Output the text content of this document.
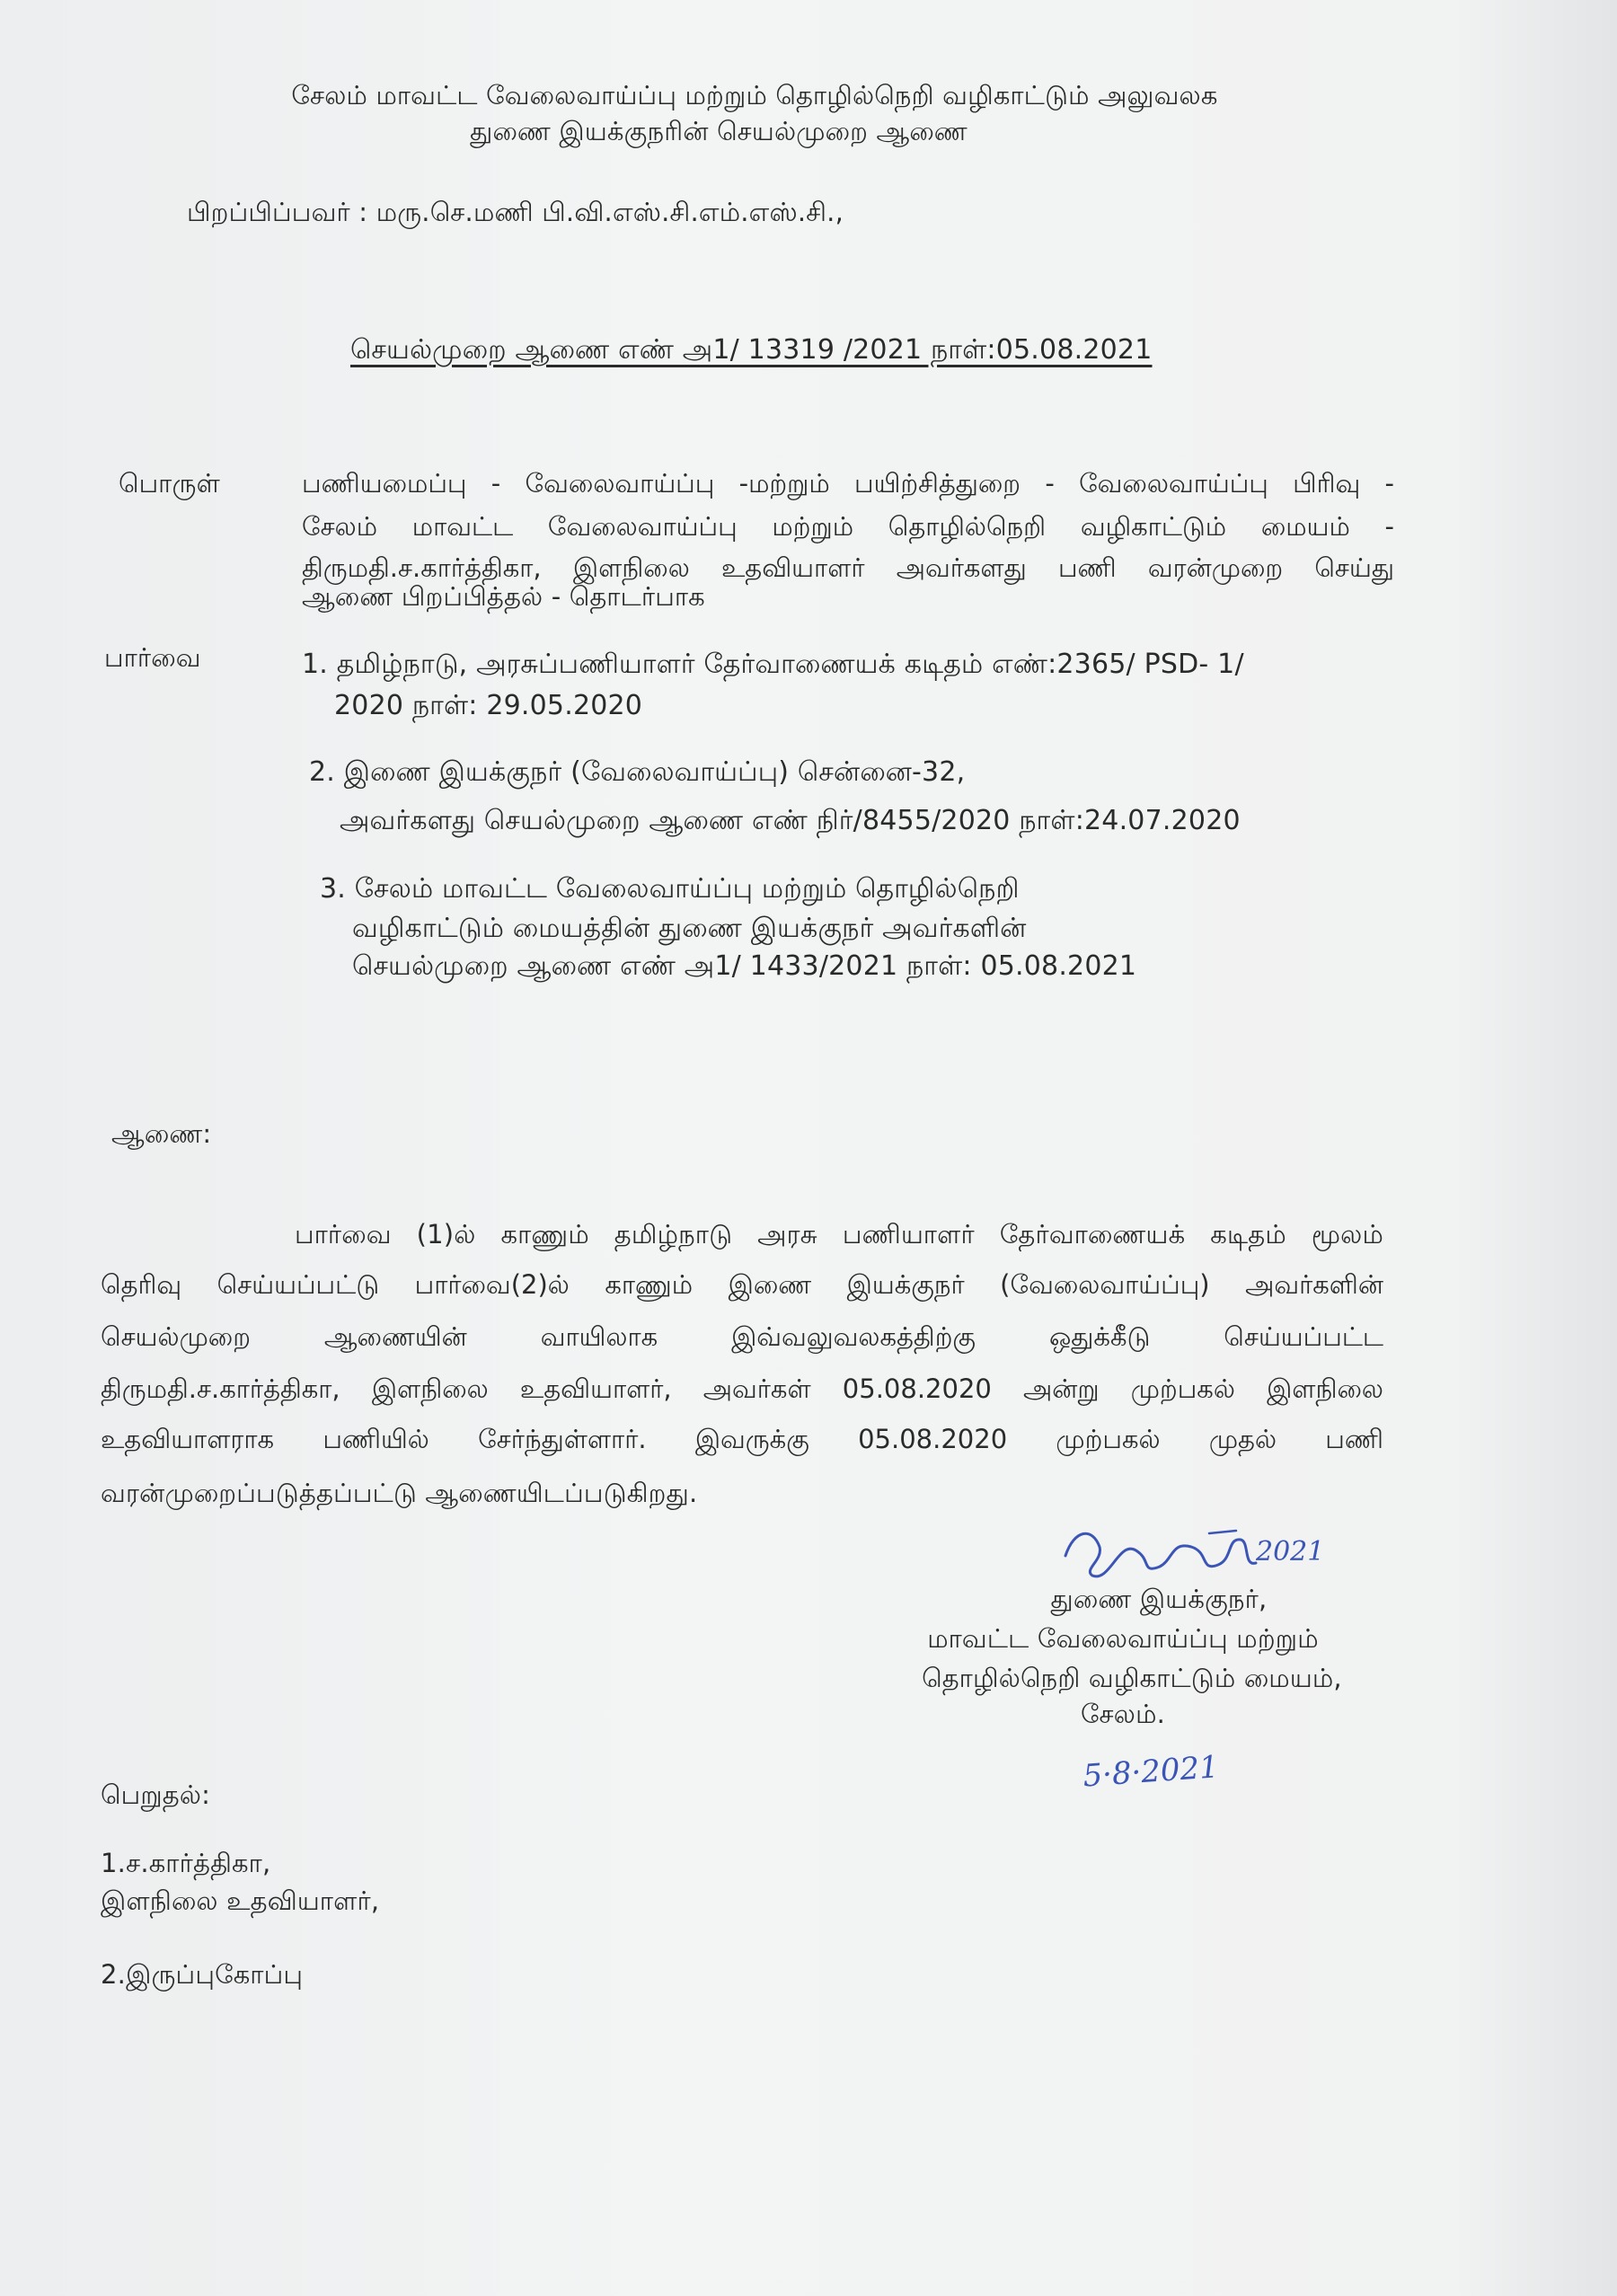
சேலம் மாவட்ட வேலைவாய்ப்பு மற்றும் தொழில்நெறி வழிகாட்டும் அலுவலக
துணை இயக்குநரின் செயல்முறை ஆணை
பிறப்பிப்பவர் : மரு.செ.மணி பி.வி.எஸ்.சி.எம்.எஸ்.சி.,
செயல்முறை ஆணை எண் அ1/ 13319 /2021 நாள்:05.08.2021
பொருள்	பணியமைப்பு - வேலைவாய்ப்பு -மற்றும் பயிற்சித்துறை - வேலைவாய்ப்பு பிரிவு -
சேலம் மாவட்ட வேலைவாய்ப்பு மற்றும் தொழில்நெறி வழிகாட்டும் மையம் -
திருமதி.ச.கார்த்திகா, இளநிலை உதவியாளர் அவர்களது பணி வரன்முறை செய்து
ஆணை பிறப்பித்தல் - தொடர்பாக
பார்வை	1. தமிழ்நாடு, அரசுப்பணியாளர் தேர்வாணையக் கடிதம் எண்:2365/ PSD- 1/
2020 நாள்: 29.05.2020
2. இணை இயக்குநர் (வேலைவாய்ப்பு) சென்னை-32,
அவர்களது செயல்முறை ஆணை எண் நிர்/8455/2020 நாள்:24.07.2020
3. சேலம் மாவட்ட வேலைவாய்ப்பு மற்றும் தொழில்நெறி
வழிகாட்டும் மையத்தின் துணை இயக்குநர் அவர்களின்
செயல்முறை ஆணை எண் அ1/ 1433/2021 நாள்: 05.08.2021
ஆணை:
பார்வை (1)ல் காணும் தமிழ்நாடு அரசு பணியாளர் தேர்வாணையக் கடிதம் மூலம்
தெரிவு செய்யப்பட்டு பார்வை(2)ல் காணும் இணை இயக்குநர் (வேலைவாய்ப்பு) அவர்களின்
செயல்முறை ஆணையின் வாயிலாக இவ்வலுவலகத்திற்கு ஒதுக்கீடு செய்யப்பட்ட
திருமதி.ச.கார்த்திகா, இளநிலை உதவியாளர், அவர்கள் 05.08.2020 அன்று முற்பகல் இளநிலை
உதவியாளராக பணியில் சேர்ந்துள்ளார். இவருக்கு 05.08.2020 முற்பகல் முதல் பணி
வரன்முறைப்படுத்தப்பட்டு ஆணையிடப்படுகிறது.
2021
துணை இயக்குநர்,
மாவட்ட வேலைவாய்ப்பு மற்றும்
தொழில்நெறி வழிகாட்டும் மையம்,
சேலம்.
5·8·2021
பெறுதல்:
1.ச.கார்த்திகா,
இளநிலை உதவியாளர்,
2.இருப்புகோப்பு
